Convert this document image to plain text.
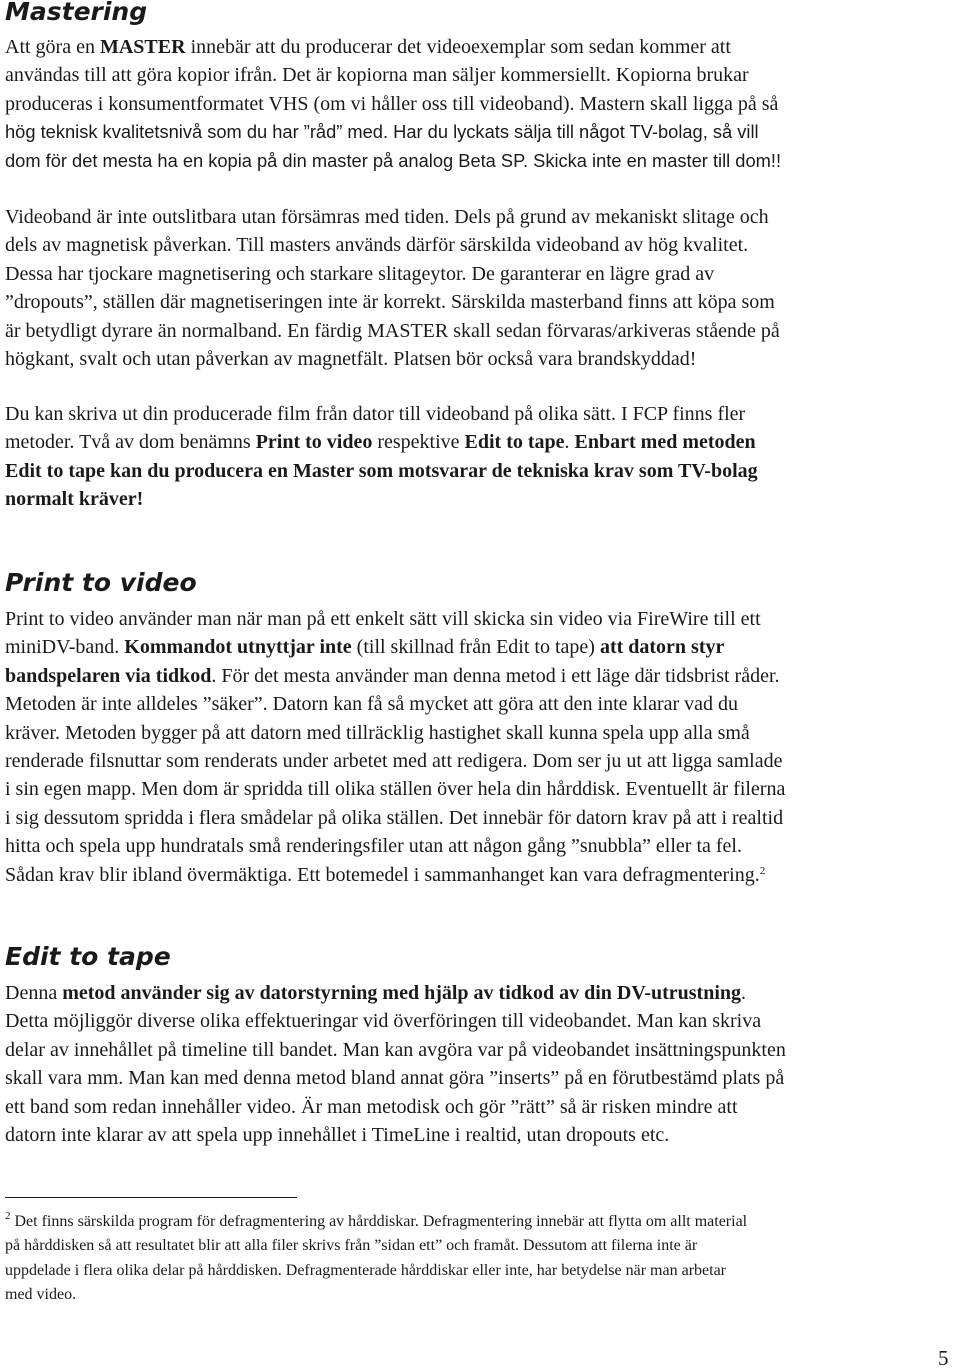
Mastering
Att göra en MASTER innebär att du producerar det videoexemplar som sedan kommer att
användas till att göra kopior ifrån. Det är kopiorna man säljer kommersiellt. Kopiorna brukar
produceras i konsumentformatet VHS (om vi håller oss till videoband). Mastern skall ligga på så
hög teknisk kvalitetsnivå som du har ”råd” med. Har du lyckats sälja till något TV-bolag, så vill
dom för det mesta ha en kopia på din master på analog Beta SP. Skicka inte en master till dom!!
Videoband är inte outslitbara utan försämras med tiden. Dels på grund av mekaniskt slitage och
dels av magnetisk påverkan. Till masters används därför särskilda videoband av hög kvalitet.
Dessa har tjockare magnetisering och starkare slitageytor. De garanterar en lägre grad av
”dropouts”, ställen där magnetiseringen inte är korrekt. Särskilda masterband finns att köpa som
är betydligt dyrare än normalband. En färdig MASTER skall sedan förvaras/arkiveras stående på
högkant, svalt och utan påverkan av magnetfält. Platsen bör också vara brandskyddad!
Du kan skriva ut din producerade film från dator till videoband på olika sätt. I FCP finns fler
metoder. Två av dom benämns Print to video respektive Edit to tape. Enbart med metoden
Edit to tape kan du producera en Master som motsvarar de tekniska krav som TV-bolag
normalt kräver!
Print to video
Print to video använder man när man på ett enkelt sätt vill skicka sin video via FireWire till ett
miniDV-band. Kommandot utnyttjar inte (till skillnad från Edit to tape) att datorn styr
bandspelaren via tidkod. För det mesta använder man denna metod i ett läge där tidsbrist råder.
Metoden är inte alldeles ”säker”. Datorn kan få så mycket att göra att den inte klarar vad du
kräver. Metoden bygger på att datorn med tillräcklig hastighet skall kunna spela upp alla små
renderade filsnuttar som renderats under arbetet med att redigera. Dom ser ju ut att ligga samlade
i sin egen mapp. Men dom är spridda till olika ställen över hela din hårddisk. Eventuellt är filerna
i sig dessutom spridda i flera smådelar på olika ställen. Det innebär för datorn krav på att i realtid
hitta och spela upp hundratals små renderingsfiler utan att någon gång ”snubbla” eller ta fel.
Sådan krav blir ibland övermäktiga. Ett botemedel i sammanhanget kan vara defragmentering.$^2$
Edit to tape
Denna metod använder sig av datorstyrning med hjälp av tidkod av din DV-utrustning.
Detta möjliggör diverse olika effektueringar vid överföringen till videobandet. Man kan skriva
delar av innehållet på timeline till bandet. Man kan avgöra var på videobandet insättningspunkten
skall vara mm. Man kan med denna metod bland annat göra ”inserts” på en förutbestämd plats på
ett band som redan innehåller video. Är man metodisk och gör ”rätt” så är risken mindre att
datorn inte klarar av att spela upp innehållet i TimeLine i realtid, utan dropouts etc.
$^2$ Det finns särskilda program för defragmentering av hårddiskar. Defragmentering innebär att flytta om allt material
på hårddisken så att resultatet blir att alla filer skrivs från ”sidan ett” och framåt. Dessutom att filerna inte är
uppdelade i flera olika delar på hårddisken. Defragmenterade hårddiskar eller inte, har betydelse när man arbetar
med video.
5
